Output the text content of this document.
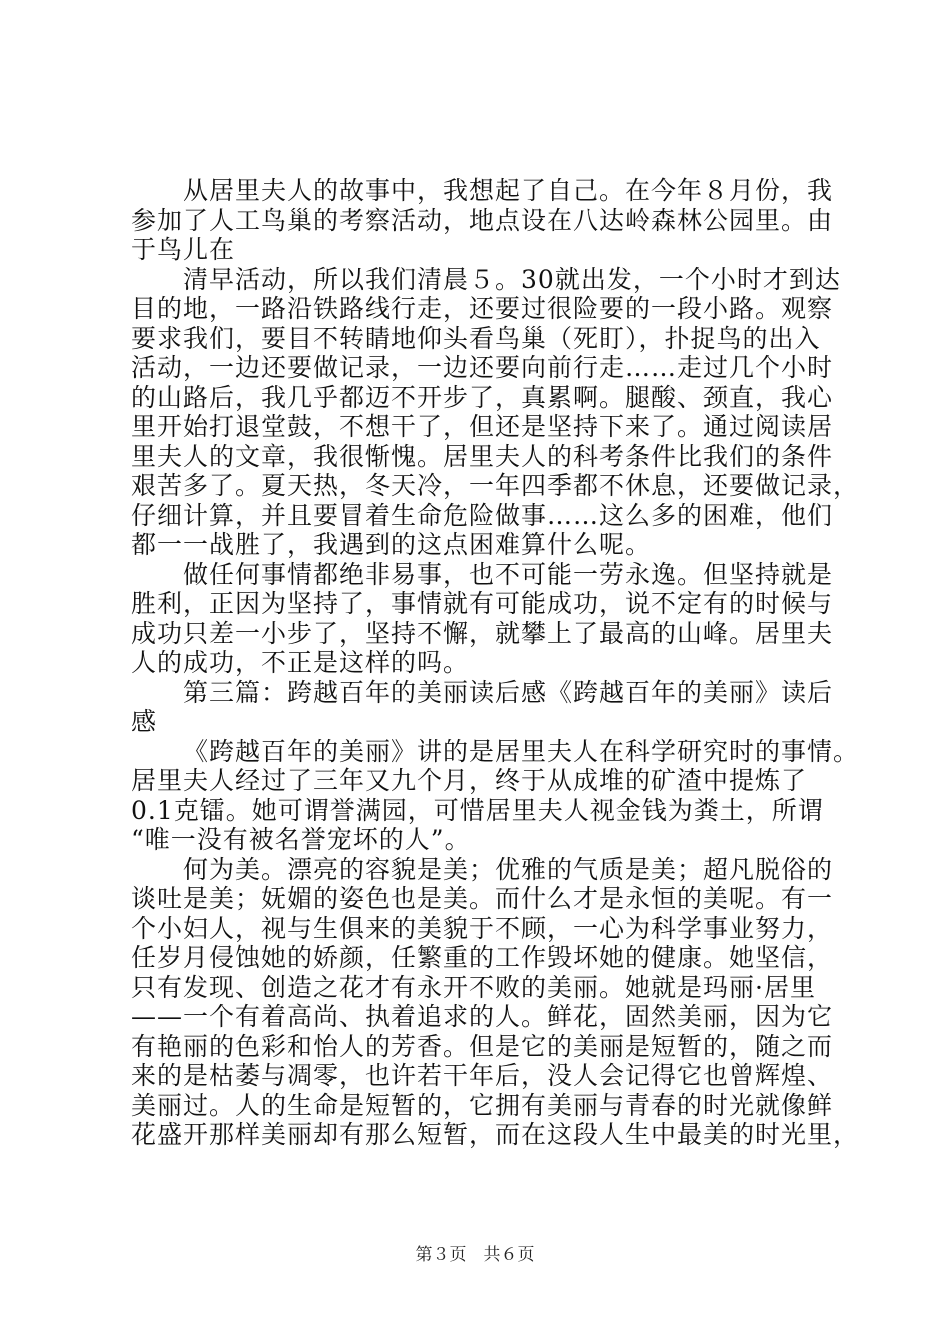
从居里夫人的故事中，我想起了自己。在今年８月份，我
参加了人工鸟巢的考察活动，地点设在八达岭森林公园里。由
于鸟儿在
清早活动，所以我们清晨５。30就出发，一个小时才到达
目的地，一路沿铁路线行走，还要过很险要的一段小路。观察
要求我们，要目不转睛地仰头看鸟巢（死盯），扑捉鸟的出入
活动，一边还要做记录，一边还要向前行走……走过几个小时
的山路后，我几乎都迈不开步了，真累啊。腿酸、颈直，我心
里开始打退堂鼓，不想干了，但还是坚持下来了。通过阅读居
里夫人的文章，我很惭愧。居里夫人的科考条件比我们的条件
艰苦多了。夏天热，冬天冷，一年四季都不休息，还要做记录，
仔细计算，并且要冒着生命危险做事……这么多的困难，他们
都一一战胜了，我遇到的这点困难算什么呢。
做任何事情都绝非易事，也不可能一劳永逸。但坚持就是
胜利，正因为坚持了，事情就有可能成功，说不定有的时候与
成功只差一小步了，坚持不懈，就攀上了最高的山峰。居里夫
人的成功，不正是这样的吗。
第三篇：跨越百年的美丽读后感《跨越百年的美丽》读后
感
《跨越百年的美丽》讲的是居里夫人在科学研究时的事情。
居里夫人经过了三年又九个月，终于从成堆的矿渣中提炼了
0.1克镭。她可谓誉满园，可惜居里夫人视金钱为粪土，所谓
“唯一没有被名誉宠坏的人”。
何为美。漂亮的容貌是美；优雅的气质是美；超凡脱俗的
谈吐是美；妩媚的姿色也是美。而什么才是永恒的美呢。有一
个小妇人，视与生俱来的美貌于不顾，一心为科学事业努力，
任岁月侵蚀她的娇颜，任繁重的工作毁坏她的健康。她坚信，
只有发现、创造之花才有永开不败的美丽。她就是玛丽·居里
——一个有着高尚、执着追求的人。鲜花，固然美丽，因为它
有艳丽的色彩和怡人的芳香。但是它的美丽是短暂的，随之而
来的是枯萎与凋零，也许若干年后，没人会记得它也曾辉煌、
美丽过。人的生命是短暂的，它拥有美丽与青春的时光就像鲜
花盛开那样美丽却有那么短暂，而在这段人生中最美的时光里，
第３页　共６页
